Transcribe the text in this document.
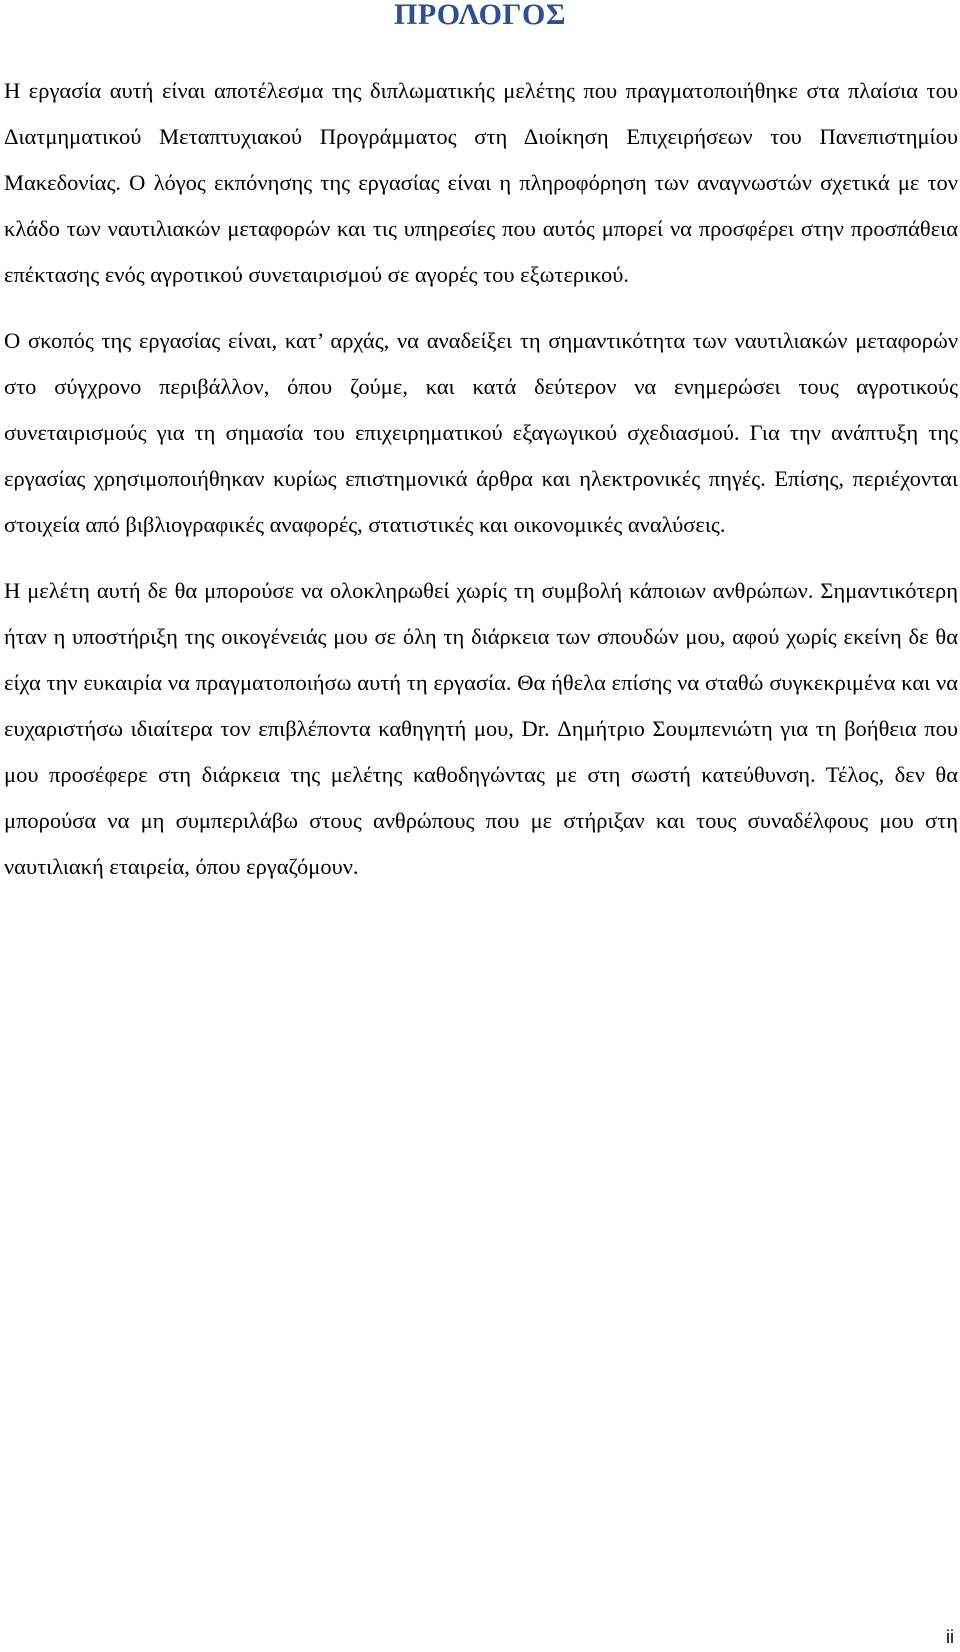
ΠΡΟΛΟΓΟΣ

Η εργασία αυτή είναι αποτέλεσμα της διπλωματικής μελέτης που πραγματοποιήθηκε στα πλαίσια του Διατμηματικού Μεταπτυχιακού Προγράμματος στη Διοίκηση Επιχειρήσεων του Πανεπιστημίου Μακεδονίας. Ο λόγος εκπόνησης της εργασίας είναι η πληροφόρηση των αναγνωστών σχετικά με τον κλάδο των ναυτιλιακών μεταφορών και τις υπηρεσίες που αυτός μπορεί να προσφέρει στην προσπάθεια επέκτασης ενός αγροτικού συνεταιρισμού σε αγορές του εξωτερικού.

Ο σκοπός της εργασίας είναι, κατ’ αρχάς, να αναδείξει τη σημαντικότητα των ναυτιλιακών μεταφορών στο σύγχρονο περιβάλλον, όπου ζούμε, και κατά δεύτερον να ενημερώσει τους αγροτικούς συνεταιρισμούς για τη σημασία του επιχειρηματικού εξαγωγικού σχεδιασμού. Για την ανάπτυξη της εργασίας χρησιμοποιήθηκαν κυρίως επιστημονικά άρθρα και ηλεκτρονικές πηγές. Επίσης, περιέχονται στοιχεία από βιβλιογραφικές αναφορές, στατιστικές και οικονομικές αναλύσεις.

Η μελέτη αυτή δε θα μπορούσε να ολοκληρωθεί χωρίς τη συμβολή κάποιων ανθρώπων. Σημαντικότερη ήταν η υποστήριξη της οικογένειάς μου σε όλη τη διάρκεια των σπουδών μου, αφού χωρίς εκείνη δε θα είχα την ευκαιρία να πραγματοποιήσω αυτή τη εργασία. Θα ήθελα επίσης να σταθώ συγκεκριμένα και να ευχαριστήσω ιδιαίτερα τον επιβλέποντα καθηγητή μου, Dr. Δημήτριο Σουμπενιώτη για τη βοήθεια που μου προσέφερε στη διάρκεια της μελέτης καθοδηγώντας με στη σωστή κατεύθυνση. Τέλος, δεν θα μπορούσα να μη συμπεριλάβω στους ανθρώπους που με στήριξαν και τους συναδέλφους μου στη ναυτιλιακή εταιρεία, όπου εργαζόμουν.

ii
